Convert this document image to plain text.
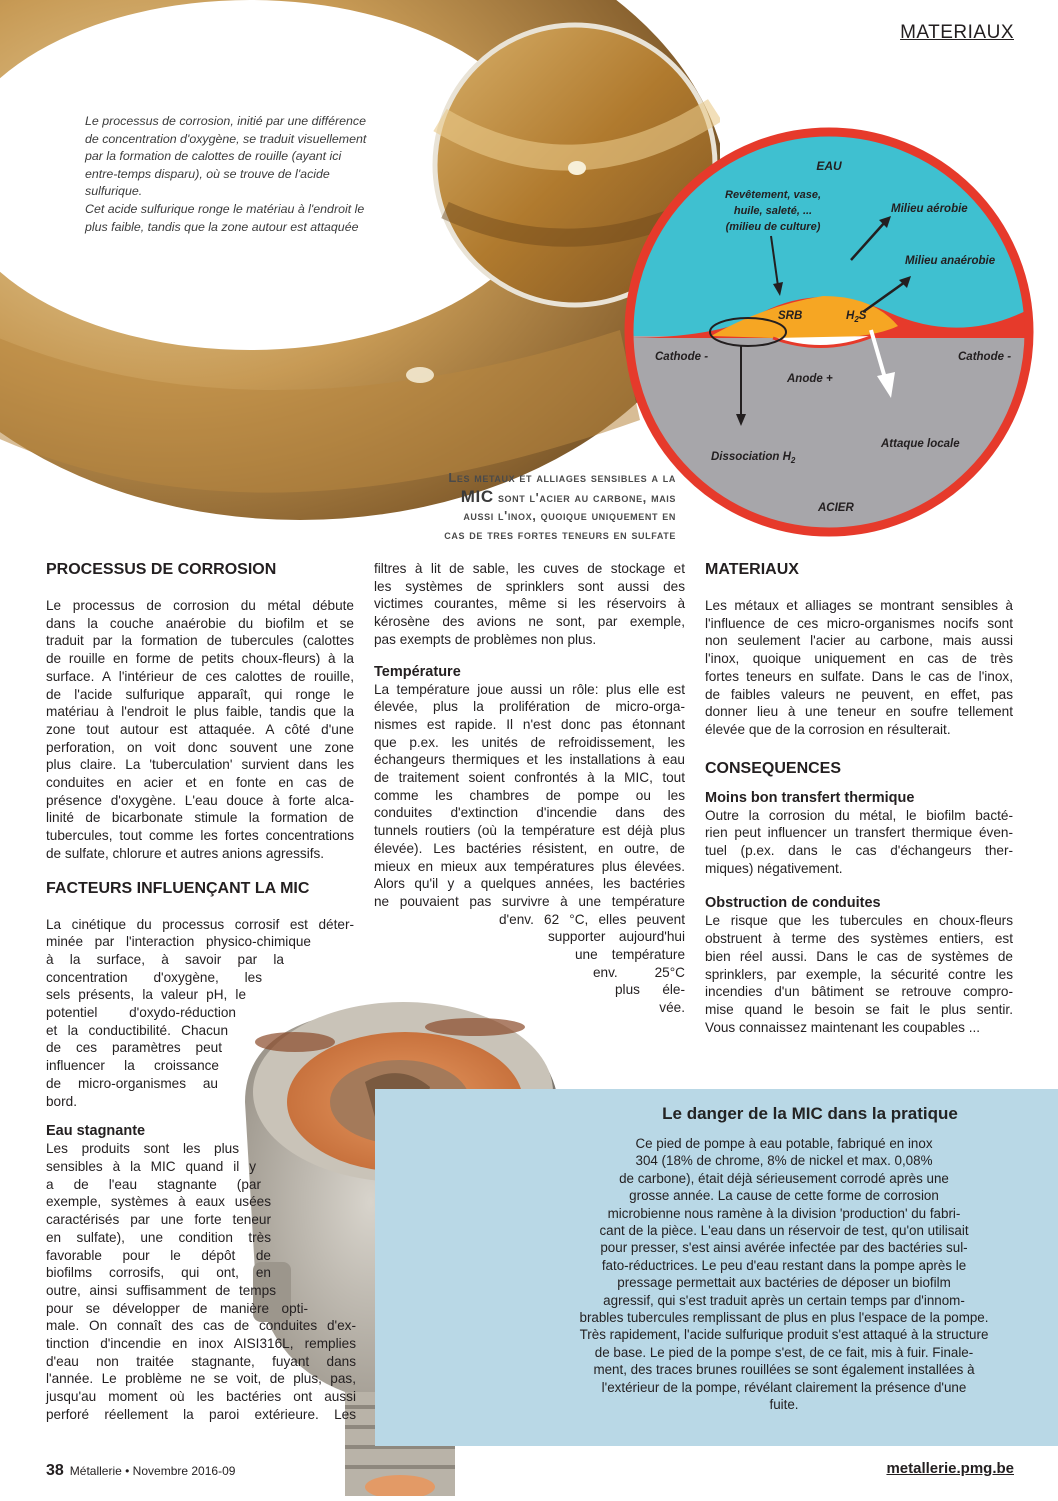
MATERIAUX
Le processus de corrosion, initié par une différence
de concentration d'oxygène, se traduit visuellement
par la formation de calottes de rouille (ayant ici
entre-temps disparu), où se trouve de l'acide
sulfurique.
Cet acide sulfurique ronge le matériau à l'endroit le
plus faible, tandis que la zone autour est attaquée
EAU
Revêtement, vase,
huile, saleté, ...
(milieu de culture)
Milieu aérobie
Milieu anaérobie
SRB	$H_2S$
Cathode -	Cathode -
Anode +
Attaque locale
Dissociation $H_2$
ACIER
Les metaux et alliages sensibles a la
MIC sont l'acier au carbone, mais
aussi l'inox, quoique uniquement en
cas de tres fortes teneurs en sulfate
PROCESSUS DE CORROSION
Le processus de corrosion du métal débute
dans la couche anaérobie du biofilm et se
traduit par la formation de tubercules (calottes
de rouille en forme de petits choux-fleurs) à la
surface. A l'intérieur de ces calottes de rouille,
de l'acide sulfurique apparaît, qui ronge le
matériau à l'endroit le plus faible, tandis que la
zone tout autour est attaquée. A côté d'une
perforation, on voit donc souvent une zone
plus claire. La 'tuberculation' survient dans les
conduites en acier et en fonte en cas de
présence d'oxygène. L'eau douce à forte alca-
linité de bicarbonate stimule la formation de
tubercules, tout comme les fortes concentrations
de sulfate, chlorure et autres anions agressifs.
FACTEURS INFLUENÇANT LA MIC
La cinétique du processus corrosif est déter-
minée par l'interaction physico-chimique
à la surface, à savoir par la
concentration d'oxygène, les
sels présents, la valeur pH, le
potentiel d'oxydo-réduction
et la conductibilité. Chacun
de ces paramètres peut
influencer la croissance
de micro-organismes au
bord.
Eau stagnante
Les produits sont les plus
sensibles à la MIC quand il y
a de l'eau stagnante (par
exemple, systèmes à eaux usées
caractérisés par une forte teneur
en sulfate), une condition très
favorable pour le dépôt de
biofilms corrosifs, qui ont, en
outre, ainsi suffisamment de temps
pour se développer de manière opti-
male. On connaît des cas de conduites d'ex-
tinction d'incendie en inox AISI316L, remplies
d'eau non traitée stagnante, fuyant dans
l'année. Le problème ne se voit, de plus, pas,
jusqu'au moment où les bactéries ont aussi
perforé réellement la paroi extérieure. Les
filtres à lit de sable, les cuves de stockage et
les systèmes de sprinklers sont aussi des
victimes courantes, même si les réservoirs à
kérosène des avions ne sont, par exemple,
pas exempts de problèmes non plus.
Température
La température joue aussi un rôle: plus elle est
élevée, plus la prolifération de micro-orga-
nismes est rapide. Il n'est donc pas étonnant
que p.ex. les unités de refroidissement, les
échangeurs thermiques et les installations à eau
de traitement soient confrontés à la MIC, tout
comme les chambres de pompe ou les
conduites d'extinction d'incendie dans des
tunnels routiers (où la température est déjà plus
élevée). Les bactéries résistent, en outre, de
mieux en mieux aux températures plus élevées.
Alors qu'il y a quelques années, les bactéries
ne pouvaient pas survivre à une température
d'env. 62 °C, elles peuvent
supporter aujourd'hui
une température
env. 25°C
plus éle-
vée.
MATERIAUX
Les métaux et alliages se montrant sensibles à
l'influence de ces micro-organismes nocifs sont
non seulement l'acier au carbone, mais aussi
l'inox, quoique uniquement en cas de très
fortes teneurs en sulfate. Dans le cas de l'inox,
de faibles valeurs ne peuvent, en effet, pas
donner lieu à une teneur en soufre tellement
élevée que de la corrosion en résulterait.
CONSEQUENCES
Moins bon transfert thermique
Outre la corrosion du métal, le biofilm bacté-
rien peut influencer un transfert thermique éven-
tuel (p.ex. dans le cas d'échangeurs ther-
miques) négativement.
Obstruction de conduites
Le risque que les tubercules en choux-fleurs
obstruent à terme des systèmes entiers, est
bien réel aussi. Dans le cas de systèmes de
sprinklers, par exemple, la sécurité contre les
incendies d'un bâtiment se retrouve compro-
mise quand le besoin se fait le plus sentir.
Vous connaissez maintenant les coupables ...
Le danger de la MIC dans la pratique
Ce pied de pompe à eau potable, fabriqué en inox
304 (18% de chrome, 8% de nickel et max. 0,08%
de carbone), était déjà sérieusement corrodé après une
grosse année. La cause de cette forme de corrosion
microbienne nous ramène à la division 'production' du fabri-
cant de la pièce. L'eau dans un réservoir de test, qu'on utilisait
pour presser, s'est ainsi avérée infectée par des bactéries sul-
fato-réductrices. Le peu d'eau restant dans la pompe après le
pressage permettait aux bactéries de déposer un biofilm
agressif, qui s'est traduit après un certain temps par d'innom-
brables tubercules remplissant de plus en plus l'espace de la pompe.
Très rapidement, l'acide sulfurique produit s'est attaqué à la structure
de base. Le pied de la pompe s'est, de ce fait, mis à fuir. Finale-
ment, des traces brunes rouillées se sont également installées à
l'extérieur de la pompe, révélant clairement la présence d'une
fuite.
38 Métallerie • Novembre 2016-09	metallerie.pmg.be
